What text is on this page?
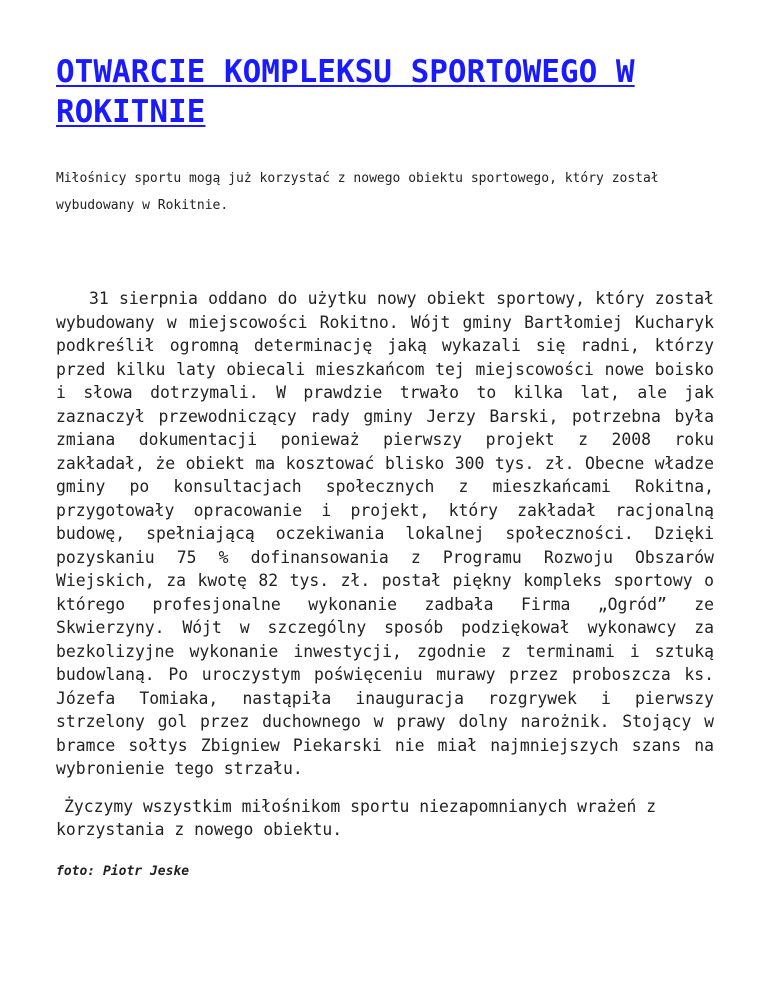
OTWARCIE KOMPLEKSU SPORTOWEGO W ROKITNIE

Miłośnicy sportu mogą już korzystać z nowego obiektu sportowego, który został wybudowany w Rokitnie.

31 sierpnia oddano do użytku nowy obiekt sportowy, który został wybudowany w miejscowości Rokitno. Wójt gminy Bartłomiej Kucharyk podkreślił ogromną determinację jaką wykazali się radni, którzy przed kilku laty obiecali mieszkańcom tej miejscowości nowe boisko i słowa dotrzymali. W prawdzie trwało to kilka lat, ale jak zaznaczył przewodniczący rady gminy Jerzy Barski, potrzebna była zmiana dokumentacji ponieważ pierwszy projekt z 2008 roku zakładał, że obiekt ma kosztować blisko 300 tys. zł. Obecne władze gminy po konsultacjach społecznych z mieszkańcami Rokitna, przygotowały opracowanie i projekt, który zakładał racjonalną budowę, spełniającą oczekiwania lokalnej społeczności. Dzięki pozyskaniu 75 % dofinansowania z Programu Rozwoju Obszarów Wiejskich, za kwotę 82 tys. zł. postał piękny kompleks sportowy o którego profesjonalne wykonanie zadbała Firma „Ogród” ze Skwierzyny. Wójt w szczególny sposób podziękował wykonawcy za bezkolizyjne wykonanie inwestycji, zgodnie z terminami i sztuką budowlaną. Po uroczystym poświęceniu murawy przez proboszcza ks. Józefa Tomiaka, nastąpiła inauguracja rozgrywek i pierwszy strzelony gol przez duchownego w prawy dolny narożnik. Stojący w bramce sołtys Zbigniew Piekarski nie miał najmniejszych szans na wybronienie tego strzału.

Życzymy wszystkim miłośnikom sportu niezapomnianych wrażeń z korzystania z nowego obiektu.

foto: Piotr Jeske
